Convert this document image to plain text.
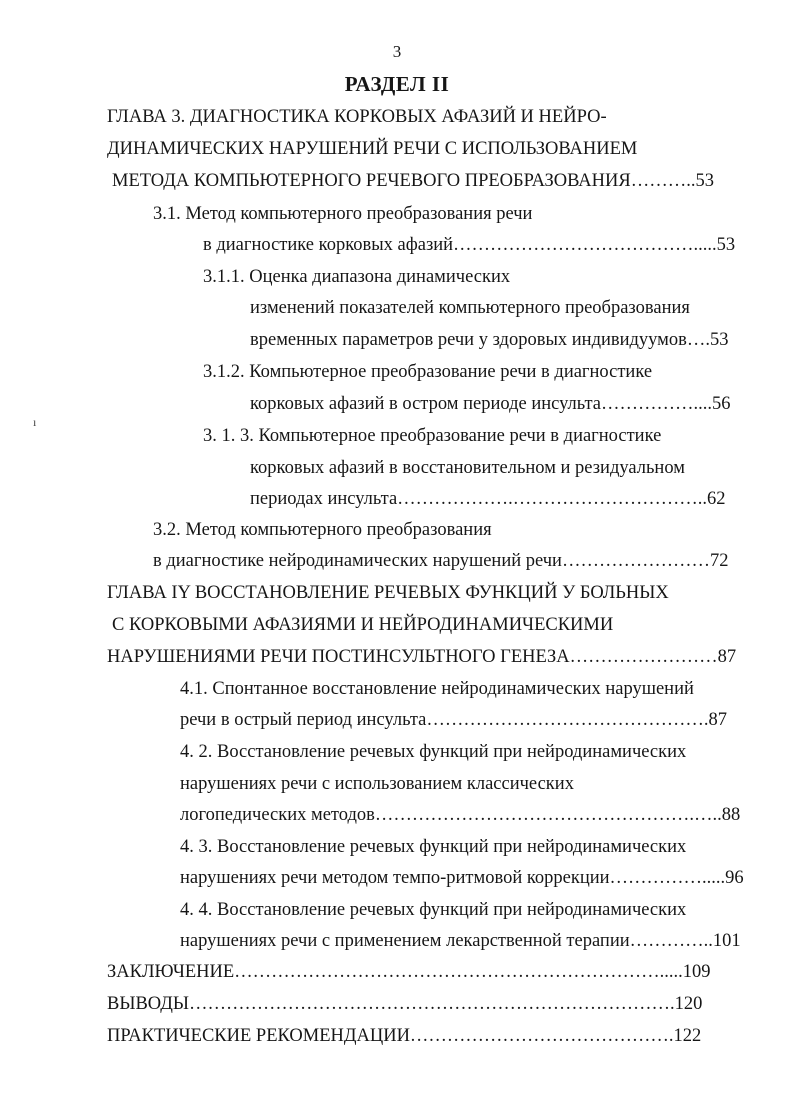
3
РАЗДЕЛ II
ГЛАВА 3. ДИАГНОСТИКА КОРКОВЫХ АФАЗИЙ И НЕЙРО-
ДИНАМИЧЕСКИХ НАРУШЕНИЙ РЕЧИ С ИСПОЛЬЗОВАНИЕМ
МЕТОДА КОМПЬЮТЕРНОГО РЕЧЕВОГО ПРЕОБРАЗОВАНИЯ………..53
3.1. Метод компьютерного преобразования речи
в диагностике корковых афазий………………………………….....53
3.1.1. Оценка диапазона динамических
изменений показателей компьютерного преобразования
временных параметров речи у здоровых индивидуумов….53
3.1.2. Компьютерное преобразование речи в диагностике
корковых афазий в остром периоде инсульта……………....56
3. 1. 3. Компьютерное преобразование речи в диагностике
корковых афазий в восстановительном и резидуальном
периодах инсульта……………….…………………………..62
3.2. Метод компьютерного преобразования
в диагностике нейродинамических нарушений речи……………………72
ГЛАВА IY ВОССТАНОВЛЕНИЕ РЕЧЕВЫХ ФУНКЦИЙ У БОЛЬНЫХ
С КОРКОВЫМИ АФАЗИЯМИ И НЕЙРОДИНАМИЧЕСКИМИ
НАРУШЕНИЯМИ РЕЧИ ПОСТИНСУЛЬТНОГО ГЕНЕЗА……………………87
4.1. Спонтанное восстановление нейродинамических нарушений
речи в острый период инсульта……………………………………….87
4. 2. Восстановление речевых функций при нейродинамических
нарушениях речи с использованием классических
логопедических методов…………………………………………….…..88
4. 3. Восстановление речевых функций при нейродинамических
нарушениях речи методом темпо-ритмовой коррекции…………….....96
4. 4. Восстановление речевых функций при нейродинамических
нарушениях речи с применением лекарственной терапии…………..101
ЗАКЛЮЧЕНИЕ…………………………………………………………….....109
ВЫВОДЫ…………………………………………………………………….120
ПРАКТИЧЕСКИЕ РЕКОМЕНДАЦИИ…………………………………….122
ı
